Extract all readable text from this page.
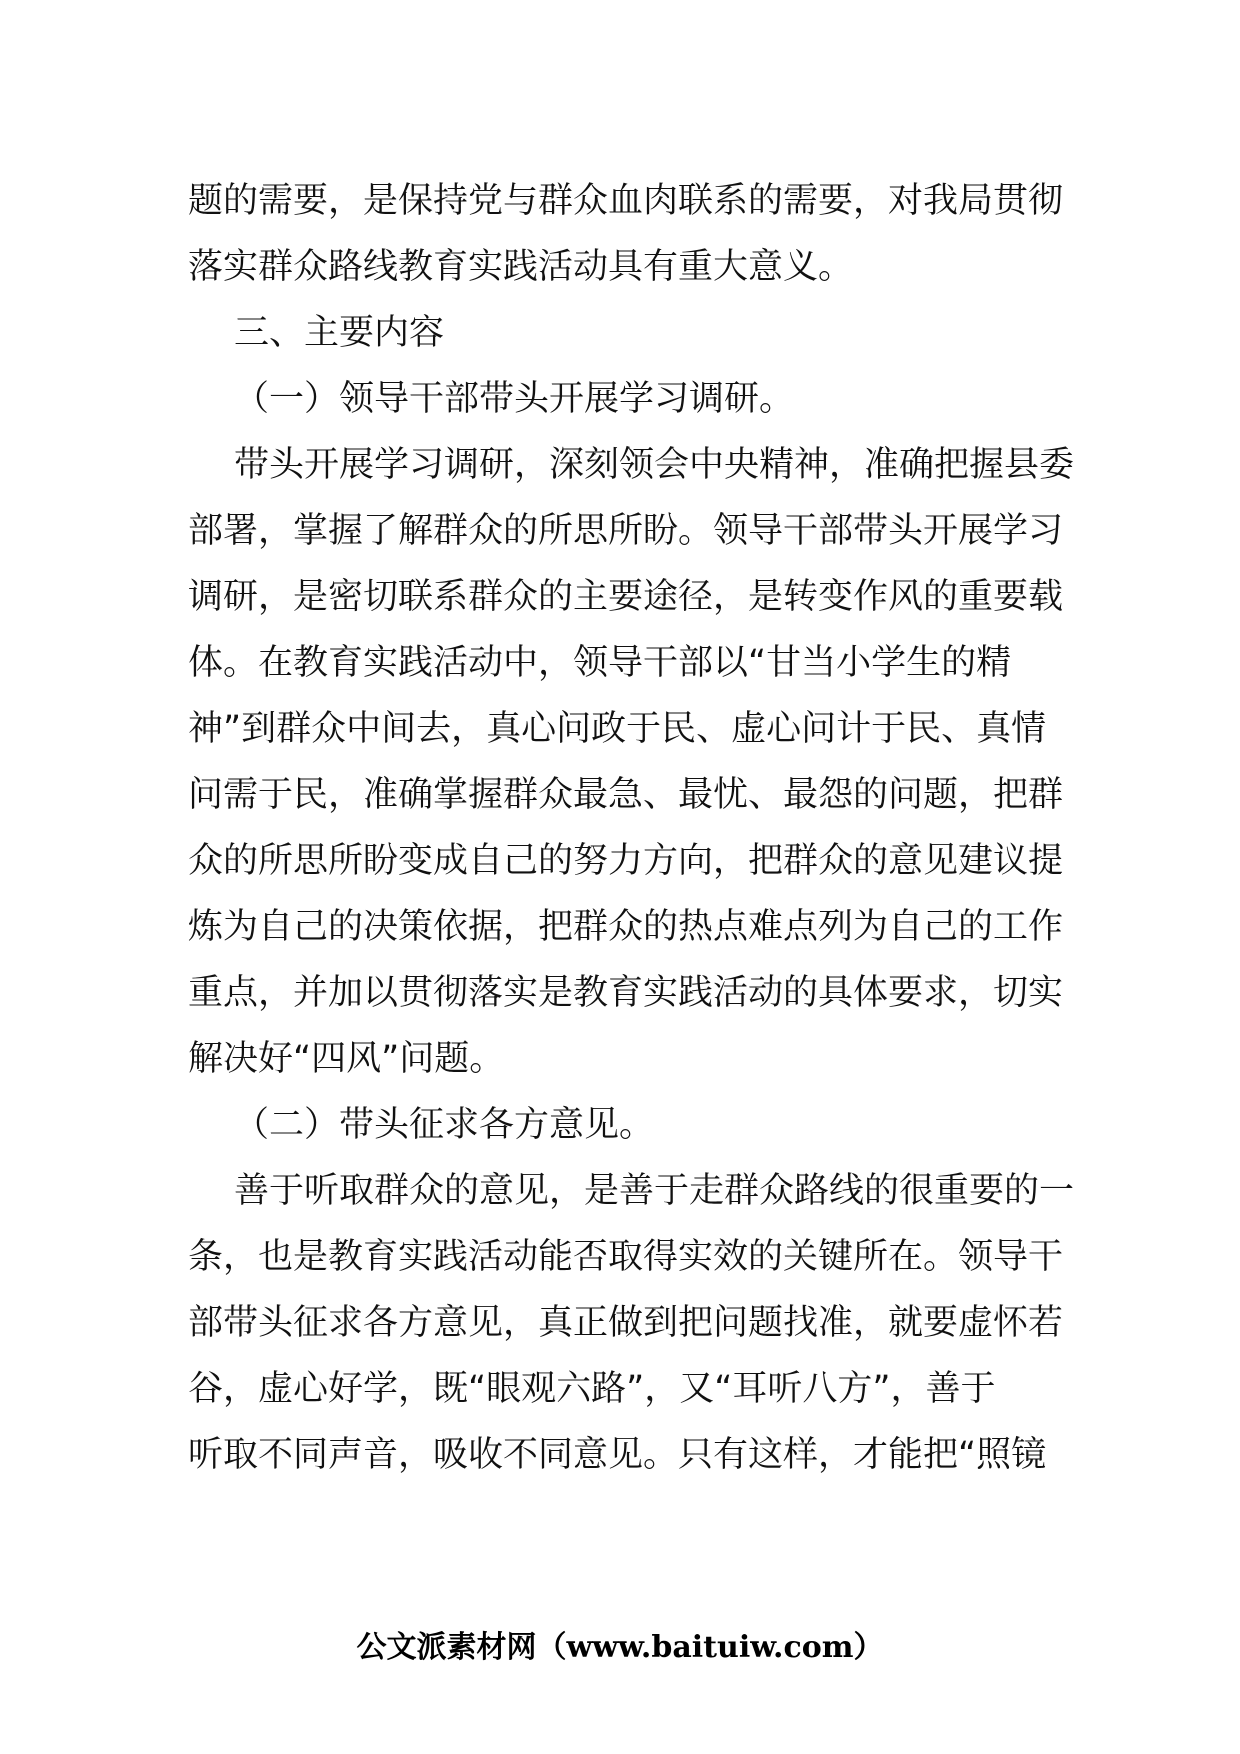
题的需要，是保持党与群众血肉联系的需要，对我局贯彻
落实群众路线教育实践活动具有重大意义。
三、主要内容
（一）领导干部带头开展学习调研。
带头开展学习调研，深刻领会中央精神，准确把握县委
部署，掌握了解群众的所思所盼。领导干部带头开展学习
调研，是密切联系群众的主要途径，是转变作风的重要载
体。在教育实践活动中，领导干部以“甘当小学生的精
神”到群众中间去，真心问政于民、虚心问计于民、真情
问需于民，准确掌握群众最急、最忧、最怨的问题，把群
众的所思所盼变成自己的努力方向，把群众的意见建议提
炼为自己的决策依据，把群众的热点难点列为自己的工作
重点，并加以贯彻落实是教育实践活动的具体要求，切实
解决好“四风”问题。
（二）带头征求各方意见。
善于听取群众的意见，是善于走群众路线的很重要的一
条，也是教育实践活动能否取得实效的关键所在。领导干
部带头征求各方意见，真正做到把问题找准，就要虚怀若
谷，虚心好学，既“眼观六路”，又“耳听八方”，善于
听取不同声音，吸收不同意见。只有这样，才能把“照镜
公文派素材网（www.baituiw.com）
